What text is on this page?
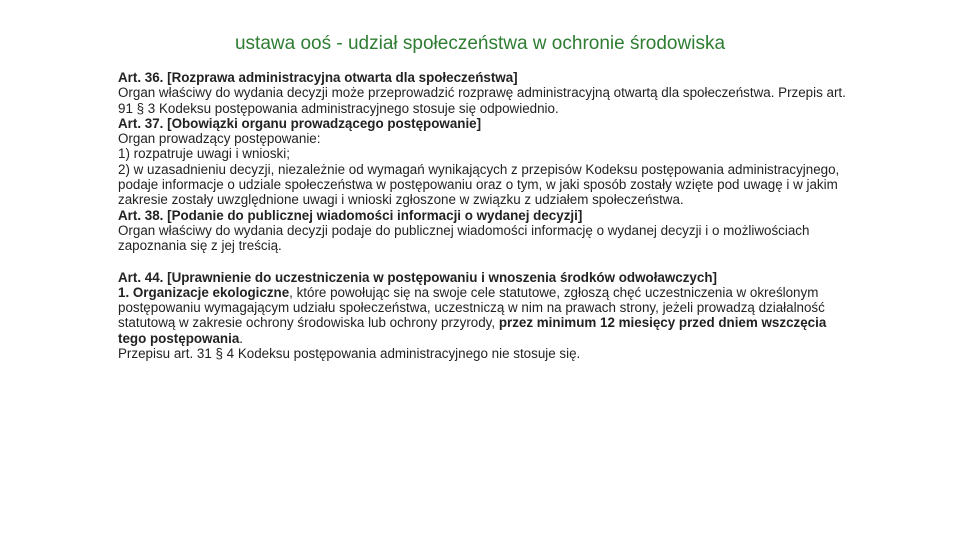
ustawa ooś - udział społeczeństwa w ochronie środowiska

Art. 36. [Rozprawa administracyjna otwarta dla społeczeństwa]

Organ właściwy do wydania decyzji może przeprowadzić rozprawę administracyjną otwartą dla społeczeństwa. Przepis art. 91 § 3 Kodeksu postępowania administracyjnego stosuje się odpowiednio.

Art. 37. [Obowiązki organu prowadzącego postępowanie]

Organ prowadzący postępowanie:

1) rozpatruje uwagi i wnioski;

2) w uzasadnieniu decyzji, niezależnie od wymagań wynikających z przepisów Kodeksu postępowania administracyjnego, podaje informacje o udziale społeczeństwa w postępowaniu oraz o tym, w jaki sposób zostały wzięte pod uwagę i w jakim zakresie zostały uwzględnione uwagi i wnioski zgłoszone w związku z udziałem społeczeństwa.

Art. 38. [Podanie do publicznej wiadomości informacji o wydanej decyzji]

Organ właściwy do wydania decyzji podaje do publicznej wiadomości informację o wydanej decyzji i o możliwościach zapoznania się z jej treścią.

Art. 44. [Uprawnienie do uczestniczenia w postępowaniu i wnoszenia środków odwoławczych]

1. Organizacje ekologiczne, które powołując się na swoje cele statutowe, zgłoszą chęć uczestniczenia w określonym postępowaniu wymagającym udziału społeczeństwa, uczestniczą w nim na prawach strony, jeżeli prowadzą działalność statutową w zakresie ochrony środowiska lub ochrony przyrody, przez minimum 12 miesięcy przed dniem wszczęcia tego postępowania.

Przepisu art. 31 § 4 Kodeksu postępowania administracyjnego nie stosuje się.
